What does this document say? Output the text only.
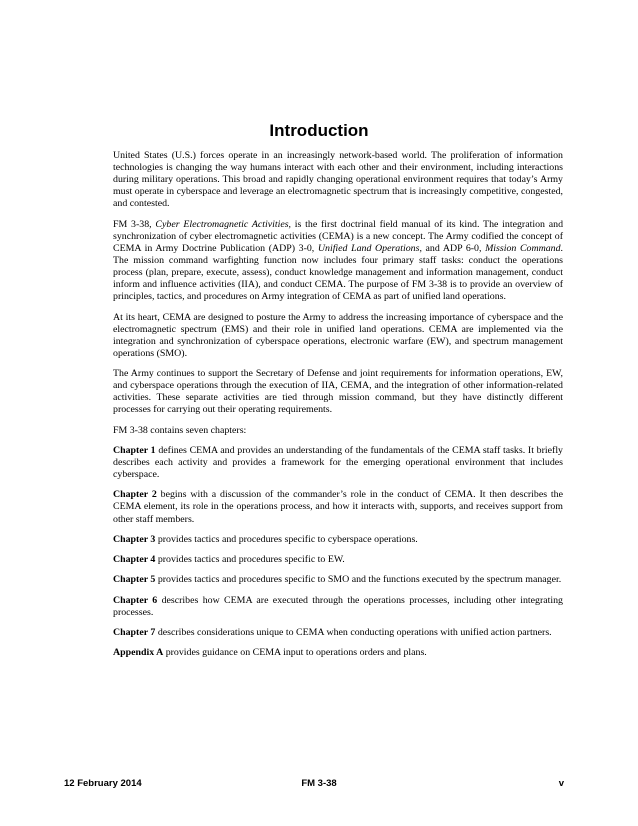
Introduction

United States (U.S.) forces operate in an increasingly network-based world. The proliferation of information technologies is changing the way humans interact with each other and their environment, including interactions during military operations. This broad and rapidly changing operational environment requires that today’s Army must operate in cyberspace and leverage an electromagnetic spectrum that is increasingly competitive, congested, and contested.

FM 3-38, Cyber Electromagnetic Activities, is the first doctrinal field manual of its kind. The integration and synchronization of cyber electromagnetic activities (CEMA) is a new concept. The Army codified the concept of CEMA in Army Doctrine Publication (ADP) 3-0, Unified Land Operations, and ADP 6-0, Mission Command. The mission command warfighting function now includes four primary staff tasks: conduct the operations process (plan, prepare, execute, assess), conduct knowledge management and information management, conduct inform and influence activities (IIA), and conduct CEMA. The purpose of FM 3-38 is to provide an overview of principles, tactics, and procedures on Army integration of CEMA as part of unified land operations.

At its heart, CEMA are designed to posture the Army to address the increasing importance of cyberspace and the electromagnetic spectrum (EMS) and their role in unified land operations. CEMA are implemented via the integration and synchronization of cyberspace operations, electronic warfare (EW), and spectrum management operations (SMO).

The Army continues to support the Secretary of Defense and joint requirements for information operations, EW, and cyberspace operations through the execution of IIA, CEMA, and the integration of other information-related activities. These separate activities are tied through mission command, but they have distinctly different processes for carrying out their operating requirements.

FM 3-38 contains seven chapters:

Chapter 1 defines CEMA and provides an understanding of the fundamentals of the CEMA staff tasks. It briefly describes each activity and provides a framework for the emerging operational environment that includes cyberspace.

Chapter 2 begins with a discussion of the commander’s role in the conduct of CEMA. It then describes the CEMA element, its role in the operations process, and how it interacts with, supports, and receives support from other staff members.

Chapter 3 provides tactics and procedures specific to cyberspace operations.

Chapter 4 provides tactics and procedures specific to EW.

Chapter 5 provides tactics and procedures specific to SMO and the functions executed by the spectrum manager.

Chapter 6 describes how CEMA are executed through the operations processes, including other integrating processes.

Chapter 7 describes considerations unique to CEMA when conducting operations with unified action partners.

Appendix A provides guidance on CEMA input to operations orders and plans.

12 February 2014	FM 3-38	v
